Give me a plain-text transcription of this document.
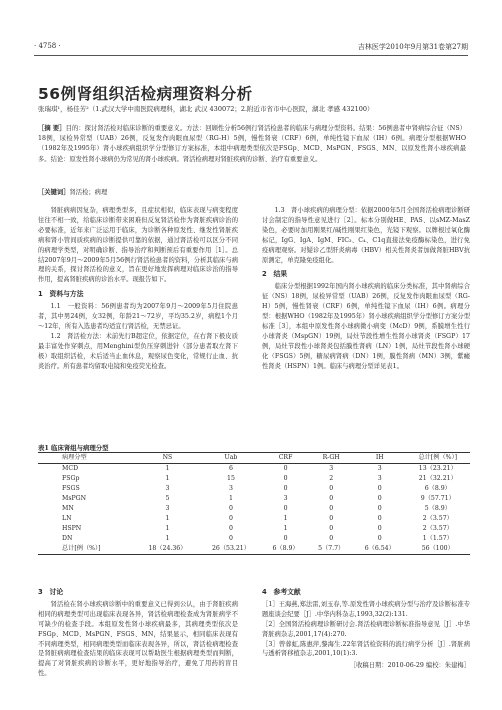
· 4758 ·	吉林医学2010年9月第31卷第27期
56例肾组织活检病理资料分析
张瑞琪¹，杨佳芳²（1.武汉大学中南医院病理科，湖北 武汉 430072；2.附近市省市中心医院，湖北 孝感 432100）
［摘 要］目的：探讨肾活检对临床诊断的重要意义。方法：回顾性分析56例行肾活检患者的临床与病理分型资料。结果：56例患者中肾病综合征（NS）18例，尿检异常型（UAB）26例，反复发作肉眼血尿型（RG-H）5例，慢性肾衰（CRF）6例，单纯性镜下血尿（IH）6例。病理分型根据WHO（1982年及1995年）肾小球疾病组织学分型修订方案标准，本组中病理类型依次是FSGp、MCD、MsPGN、FSGS、MN、以原发性肾小球疾病最多。结论：原发性肾小球病仍为常见的肾小球疾病。肾活检病理对肾脏疾病的诊断、治疗有重要意义。
［关键词］肾活检；病理

肾脏病病因复杂，病理类型多，且症状相似，临床表现与病变程度往往不相一致，给临床诊断带来困难但反复肾活检作为肾脏疾病诊治的必要标准，近年来广泛运用于临床，为诊断各种原发性、继发性肾脏疾病和肾小管间质疾病的诊断提供可靠的依据，通过肾活检可以区分不同的病理学类型，对明确诊断、指导治疗和判断预后有重要作用［1］。总结2007年9月～2009年5月56例行肾活检患者的资料，分析其临床与病理的关系，探讨肾活检的意义，旨在更好地发挥病理对临床诊治的指导作用，提高肾脏疾病的诊治水平。现报告如下。

1　资料与方法

1.1　一般资料：56例患者均为2007年9月～2009年5月住院患者，其中男24例，女32例，年龄21～72岁，平均35.2岁，病程1个月～12年，所有入选患者均适宜行肾活检，无禁忌证。

1.2　肾活检方法：术前先行B超定位，依据定位，在右肾下极皮质最丰富处作穿刺点，用Menghini型负压穿刺进针（部分患者取左肾下极）取组织活检，术后适当止血休息，观察尿色变化，常规行止血、抗炎治疗。所有患者均留取电镜和免疫荧光检查。

1.3　肾小球疾病的病理分型：依据2000年5月全国肾活检病理诊断研讨会制定的指导性意见进行［2］。标本分别做HE、PAS、以sMZ-MasZ染色，必要时加用刚果红/碱性刚果红染色，光镜下观察。以牌根过氧化酶标记，IgG、IgA、IgM、FIC₃、C₄、C1q直接法免疫酶标染色，进行免疫病理观察。对疑诊乙型肝炎病毒（HBV）相关性肾炎者加做肾脏HBV抗原测定，单克隆免疫组化。

2　结果

临床分型根据1992年国内肾小球疾病的临床分类标准，其中肾病综合征（NS）18例，尿检异常型（UAB）26例，反复发作肉眼血尿型（RG-H）5例，慢性肾衰（CRF）6例，单纯性镜下血尿（IH）6例。病理分型：根据WHO（1982年及1995年）肾小球疾病组织学分型修订方案分型标准［3］，本组中原发性肾小球病微小病变（McD）9例，系膜增生性行小球肾炎（MspGN）19例，局灶节段性增生性肾小球肾炎（FSGP）17例，局灶节段性小球肾炎包括膜性肾病（LN）1例，局灶节段性肾小球硬化（FSGS）5例，糖尿病肾病（DN）1例，膜性肾病（MN）3例，紫癜性肾炎（HSPN）1例。临床与病理分型详见表1。

表1 临床肾组与病理分型
病理分型	NS	Uab	CRF	R-GH	IH	总计[例（%）]
MCD	1	6	0	3	3	13（23.21）
FSGp	1	15	0	2	3	21（32.21）
FSGS	3	3	0	0	0	6（8.9）
MsPGN	5	1	3	0	0	9（57.71）
MN	3	0	0	0	0	5（8.9）
LN	1	0	1	0	0	2（3.57）
HSPN	1	0	1	0	0	2（3.57）
DN	1	0	0	0	0	1（1.57）
总计[例（%）]	18（24.36）	26（53.21）	6（8.9）	5（7.7）	6（6.54）	56（100）
3　讨论

肾活检在肾小球疾病诊断中的重要意义已得到公认，由于肾脏疾病相同的病理类型可出现临床表现各异，肾活检病理检查成为肾脏病学不可缺少的检查手段。本组原发性肾小球疾病最多，其病理类型依次是FSGp、MCD、MsPGN、FSGS、MN，结果显示，相同临床表现有不同病理类型，相同病理类型而临床表现各异，所以，肾活检病理检查是肾脏病病理检查结果的临床表现可以帮助医生根据病理类型而判断，提高了对肾脏疾病的诊断水平，更好地指导治疗，避免了用药的盲目性。

4　参考文献

［1］王海燕,郑法雷,刘玉春,等.原发性肾小球疾病分型与治疗及诊断标准专题座谈会纪要［J］.中华内科杂志,1993,32(2):131.

［2］全国肾活检病理诊断研讨会.肾活检病理诊断标准指导意见［J］.中华肾脏病杂志,2001,17(4):270.

［3］曾蓉虹,陈惠萍,黎海生.22年肾活检资料的流行病学分析［J］.肾脏病与透析肾移植杂志,2001,10(1):3.

［收稿日期：2010-06-29 编校：朱建梅］
